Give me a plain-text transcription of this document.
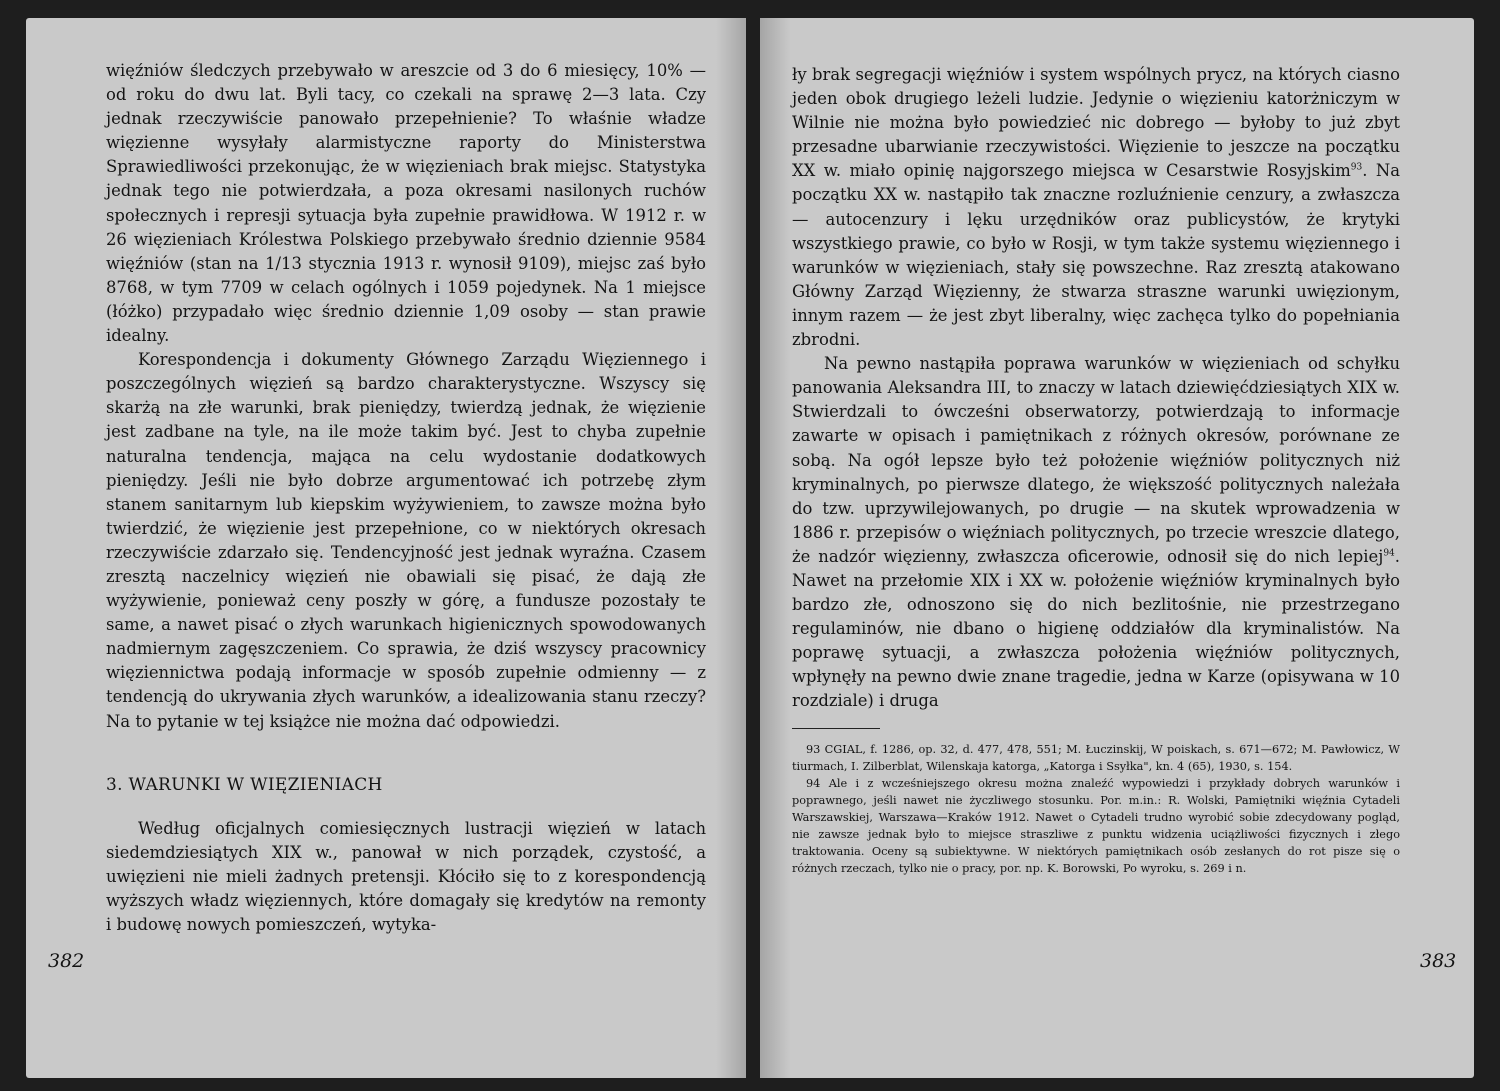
więźniów śledczych przebywało w areszcie od 3 do 6 miesięcy, 10% — od roku do dwu lat. Byli tacy, co czekali na sprawę 2—3 lata. Czy jednak rzeczywiście panowało przepełnienie? To właśnie władze więzienne wysyłały alarmistyczne raporty do Ministerstwa Sprawiedliwości przekonując, że w więzieniach brak miejsc. Statystyka jednak tego nie potwierdzała, a poza okresami nasilonych ruchów społecznych i represji sytuacja była zupełnie prawidłowa. W 1912 r. w 26 więzieniach Królestwa Polskiego przebywało średnio dziennie 9584 więźniów (stan na 1/13 stycznia 1913 r. wynosił 9109), miejsc zaś było 8768, w tym 7709 w celach ogólnych i 1059 pojedynek. Na 1 miejsce (łóżko) przypadało więc średnio dziennie 1,09 osoby — stan prawie idealny.

Korespondencja i dokumenty Głównego Zarządu Więziennego i poszczególnych więzień są bardzo charakterystyczne. Wszyscy się skarżą na złe warunki, brak pieniędzy, twierdzą jednak, że więzienie jest zadbane na tyle, na ile może takim być. Jest to chyba zupełnie naturalna tendencja, mająca na celu wydostanie dodatkowych pieniędzy. Jeśli nie było dobrze argumentować ich potrzebę złym stanem sanitarnym lub kiepskim wyżywieniem, to zawsze można było twierdzić, że więzienie jest przepełnione, co w niektórych okresach rzeczywiście zdarzało się. Tendencyjność jest jednak wyraźna. Czasem zresztą naczelnicy więzień nie obawiali się pisać, że dają złe wyżywienie, ponieważ ceny poszły w górę, a fundusze pozostały te same, a nawet pisać o złych warunkach higienicznych spowodowanych nadmiernym zagęszczeniem. Co sprawia, że dziś wszyscy pracownicy więziennictwa podają informacje w sposób zupełnie odmienny — z tendencją do ukrywania złych warunków, a idealizowania stanu rzeczy? Na to pytanie w tej książce nie można dać odpowiedzi.

3. WARUNKI W WIĘZIENIACH

Według oficjalnych comiesięcznych lustracji więzień w latach siedemdziesiątych XIX w., panował w nich porządek, czystość, a uwięzieni nie mieli żadnych pretensji. Kłóciło się to z korespondencją wyższych władz więziennych, które domagały się kredytów na remonty i budowę nowych pomieszczeń, wytyka-

382

ły brak segregacji więźniów i system wspólnych prycz, na których ciasno jeden obok drugiego leżeli ludzie. Jedynie o więzieniu katorżniczym w Wilnie nie można było powiedzieć nic dobrego — byłoby to już zbyt przesadne ubarwianie rzeczywistości. Więzienie to jeszcze na początku XX w. miało opinię najgorszego miejsca w Cesarstwie Rosyjskim$^{93}$. Na początku XX w. nastąpiło tak znaczne rozluźnienie cenzury, a zwłaszcza — autocenzury i lęku urzędników oraz publicystów, że krytyki wszystkiego prawie, co było w Rosji, w tym także systemu więziennego i warunków w więzieniach, stały się powszechne. Raz zresztą atakowano Główny Zarząd Więzienny, że stwarza straszne warunki uwięzionym, innym razem — że jest zbyt liberalny, więc zachęca tylko do popełniania zbrodni.

Na pewno nastąpiła poprawa warunków w więzieniach od schyłku panowania Aleksandra III, to znaczy w latach dziewięćdziesiątych XIX w. Stwierdzali to ówcześni obserwatorzy, potwierdzają to informacje zawarte w opisach i pamiętnikach z różnych okresów, porównane ze sobą. Na ogół lepsze było też położenie więźniów politycznych niż kryminalnych, po pierwsze dlatego, że większość politycznych należała do tzw. uprzywilejowanych, po drugie — na skutek wprowadzenia w 1886 r. przepisów o więźniach politycznych, po trzecie wreszcie dlatego, że nadzór więzienny, zwłaszcza oficerowie, odnosił się do nich lepiej$^{94}$. Nawet na przełomie XIX i XX w. położenie więźniów kryminalnych było bardzo złe, odnoszono się do nich bezlitośnie, nie przestrzegano regulaminów, nie dbano o higienę oddziałów dla kryminalistów. Na poprawę sytuacji, a zwłaszcza położenia więźniów politycznych, wpłynęły na pewno dwie znane tragedie, jedna w Karze (opisywana w 10 rozdziale) i druga

93 CGIAL, f. 1286, op. 32, d. 477, 478, 551; M. Łuczinskij, W poiskach, s. 671—672; M. Pawłowicz, W tiurmach, I. Zilberblat, Wilenskaja katorga, „Katorga i Ssyłka", kn. 4 (65), 1930, s. 154.

94 Ale i z wcześniejszego okresu można znaleźć wypowiedzi i przykłady dobrych warunków i poprawnego, jeśli nawet nie życzliwego stosunku. Por. m.in.: R. Wolski, Pamiętniki więźnia Cytadeli Warszawskiej, Warszawa—Kraków 1912. Nawet o Cytadeli trudno wyrobić sobie zdecydowany pogląd, nie zawsze jednak było to miejsce straszliwe z punktu widzenia uciążliwości fizycznych i złego traktowania. Oceny są subiektywne. W niektórych pamiętnikach osób zesłanych do rot pisze się o różnych rzeczach, tylko nie o pracy, por. np. K. Borowski, Po wyroku, s. 269 i n.

383
